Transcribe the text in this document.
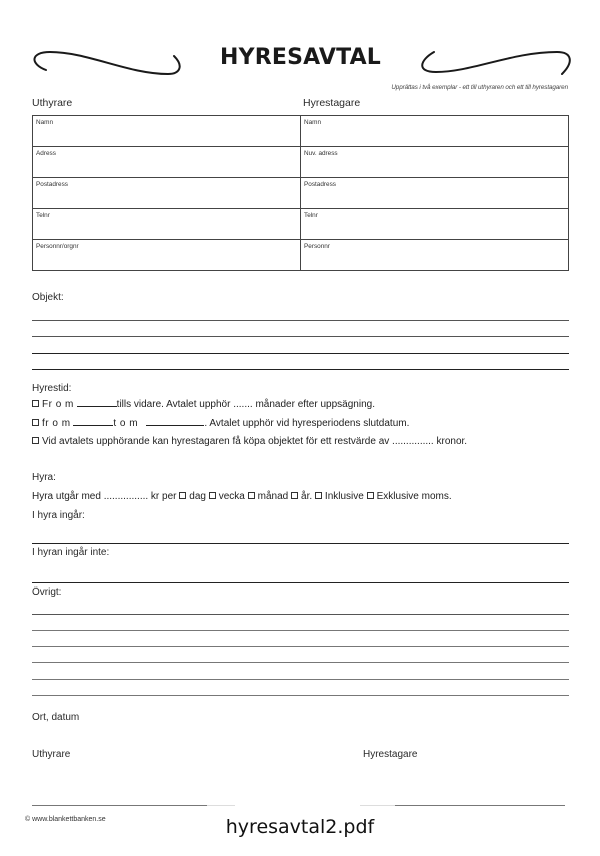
HYRESAVTAL
Upprättas i två exemplar - ett till uthyraren och ett till hyrestagaren
Uthyrare	Hyrestagare
Namn	Namn
Adress	Nuv. adress
Postadress	Postadress
Telnr	Telnr
Personnr/orgnr	Personnr
Objekt:
Hyrestid:
Fr o m	tills vidare. Avtalet upphör ....... månader efter uppsägning.
fr o m	t o m	. Avtalet upphör vid hyresperiodens slutdatum.
Vid avtalets upphörande kan hyrestagaren få köpa objektet för ett restvärde av ............... kronor.
Hyra:
Hyra utgår med ................ kr per dag vecka månad år. Inklusive Exklusive moms.
I hyra ingår:
I hyran ingår inte:
Övrigt:
Ort, datum
Uthyrare	Hyrestagare
© www.blankettbanken.se	hyresavtal2.pdf
